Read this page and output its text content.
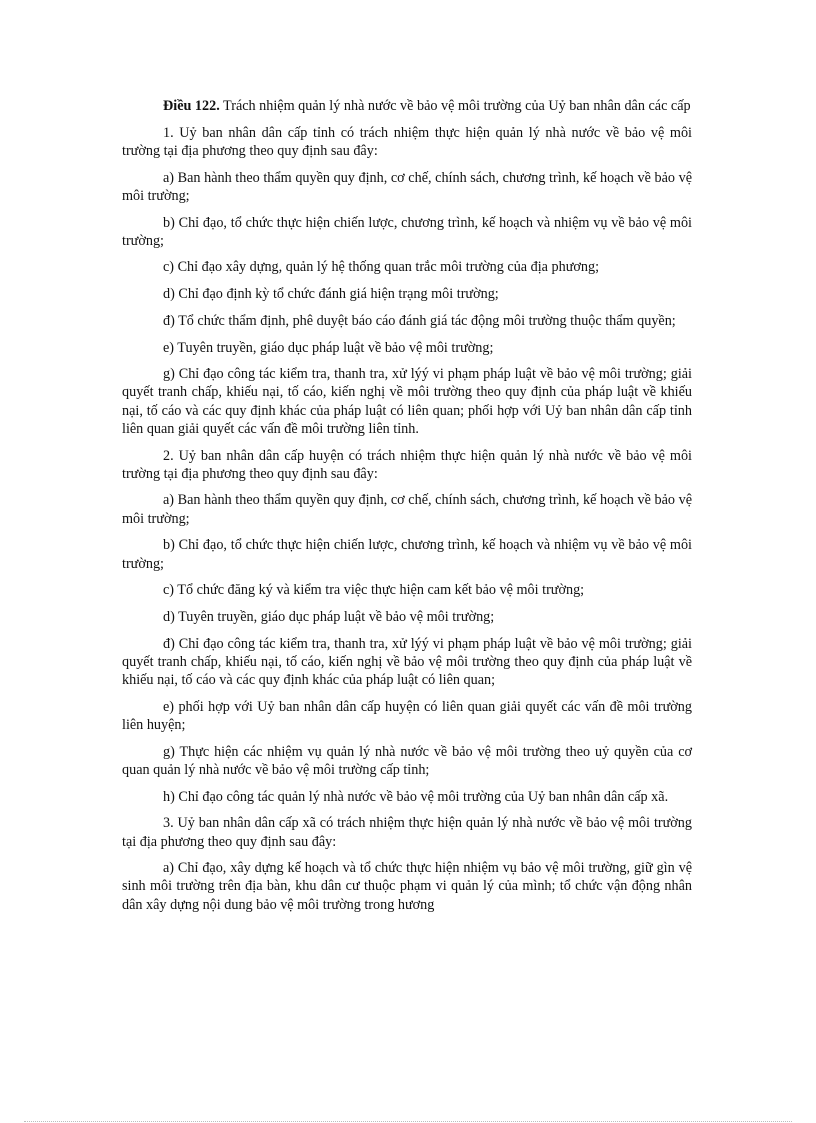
Điều 122. Trách nhiệm quản lý nhà nước về bảo vệ môi trường của Uỷ ban nhân dân các cấp

1. Uỷ ban nhân dân cấp tỉnh có trách nhiệm thực hiện quản lý nhà nước về bảo vệ môi trường tại địa phương theo quy định sau đây:

a) Ban hành theo thẩm quyền quy định, cơ chế, chính sách, chương trình, kế hoạch về bảo vệ môi trường;

b) Chỉ đạo, tổ chức thực hiện chiến lược, chương trình, kế hoạch và nhiệm vụ về bảo vệ môi trường;

c) Chỉ đạo xây dựng, quản lý hệ thống quan trắc môi trường của địa phương;

d) Chỉ đạo định kỳ tổ chức đánh giá hiện trạng môi trường;

đ) Tổ chức thẩm định, phê duyệt báo cáo đánh giá tác động môi trường thuộc thẩm quyền;

e) Tuyên truyền, giáo dục pháp luật về bảo vệ môi trường;

g) Chỉ đạo công tác kiểm tra, thanh tra, xử lýý vi phạm pháp luật về bảo vệ môi trường; giải quyết tranh chấp, khiếu nại, tố cáo, kiến nghị về môi trường theo quy định của pháp luật về khiếu nại, tố cáo và các quy định khác của pháp luật có liên quan; phối hợp với Uỷ ban nhân dân cấp tỉnh liên quan giải quyết các vấn đề môi trường liên tỉnh.

2. Uỷ ban nhân dân cấp huyện có trách nhiệm thực hiện quản lý nhà nước về bảo vệ môi trường tại địa phương theo quy định sau đây:

a) Ban hành theo thẩm quyền quy định, cơ chế, chính sách, chương trình, kế hoạch về bảo vệ môi trường;

b) Chỉ đạo, tổ chức thực hiện chiến lược, chương trình, kế hoạch và nhiệm vụ về bảo vệ môi trường;

c) Tổ chức đăng ký và kiểm tra việc thực hiện cam kết bảo vệ môi trường;

d) Tuyên truyền, giáo dục pháp luật về bảo vệ môi trường;

đ) Chỉ đạo công tác kiểm tra, thanh tra, xử lýý vi phạm pháp luật về bảo vệ môi trường; giải quyết tranh chấp, khiếu nại, tố cáo, kiến nghị về bảo vệ môi trường theo quy định của pháp luật về khiếu nại, tố cáo và các quy định khác của pháp luật có liên quan;

e) phối hợp với Uỷ ban nhân dân cấp huyện có liên quan giải quyết các vấn đề môi trường liên huyện;

g) Thực hiện các nhiệm vụ quản lý nhà nước về bảo vệ môi trường theo uỷ quyền của cơ quan quản lý nhà nước về bảo vệ môi trường cấp tỉnh;

h) Chỉ đạo công tác quản lý nhà nước về bảo vệ môi trường của Uỷ ban nhân dân cấp xã.

3. Uỷ ban nhân dân cấp xã có trách nhiệm thực hiện quản lý nhà nước về bảo vệ môi trường tại địa phương theo quy định sau đây:

a) Chỉ đạo, xây dựng kế hoạch và tổ chức thực hiện nhiệm vụ bảo vệ môi trường, giữ gìn vệ sinh môi trường trên địa bàn, khu dân cư thuộc phạm vi quản lý của mình; tổ chức vận động nhân dân xây dựng nội dung bảo vệ môi trường trong hương
